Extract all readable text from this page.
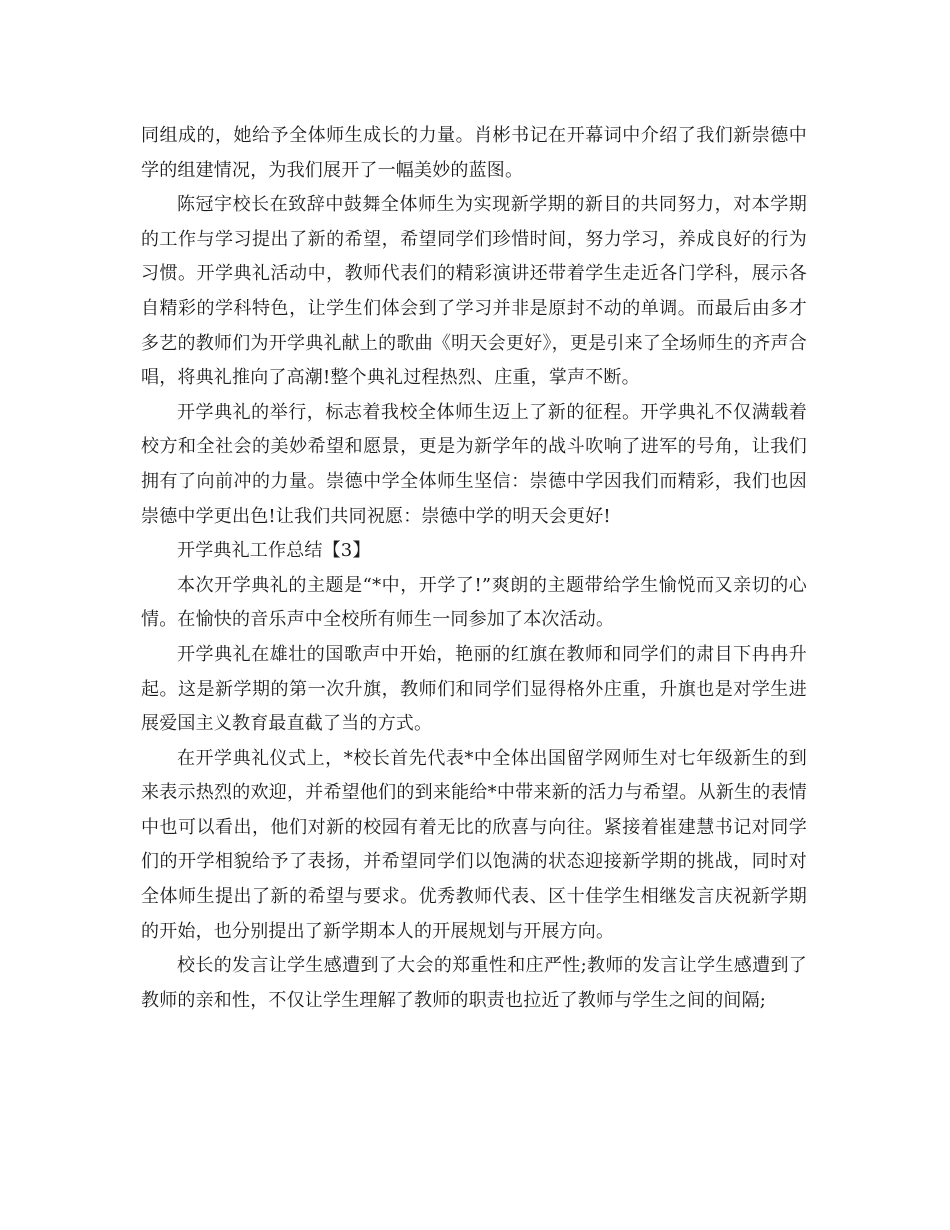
同组成的，她给予全体师生成长的力量。肖彬书记在开幕词中介绍了我们新崇德中学的组建情况，为我们展开了一幅美妙的蓝图。

陈冠宇校长在致辞中鼓舞全体师生为实现新学期的新目的共同努力，对本学期的工作与学习提出了新的希望，希望同学们珍惜时间，努力学习，养成良好的行为习惯。开学典礼活动中，教师代表们的精彩演讲还带着学生走近各门学科，展示各自精彩的学科特色，让学生们体会到了学习并非是原封不动的单调。而最后由多才多艺的教师们为开学典礼献上的歌曲《明天会更好》，更是引来了全场师生的齐声合唱，将典礼推向了高潮!整个典礼过程热烈、庄重，掌声不断。

开学典礼的举行，标志着我校全体师生迈上了新的征程。开学典礼不仅满载着校方和全社会的美妙希望和愿景，更是为新学年的战斗吹响了进军的号角，让我们拥有了向前冲的力量。崇德中学全体师生坚信：崇德中学因我们而精彩，我们也因崇德中学更出色!让我们共同祝愿：崇德中学的明天会更好!

开学典礼工作总结【3】

本次开学典礼的主题是“*中，开学了!”爽朗的主题带给学生愉悦而又亲切的心情。在愉快的音乐声中全校所有师生一同参加了本次活动。

开学典礼在雄壮的国歌声中开始，艳丽的红旗在教师和同学们的肃目下冉冉升起。这是新学期的第一次升旗，教师们和同学们显得格外庄重，升旗也是对学生进展爱国主义教育最直截了当的方式。

在开学典礼仪式上，*校长首先代表*中全体出国留学网师生对七年级新生的到来表示热烈的欢迎，并希望他们的到来能给*中带来新的活力与希望。从新生的表情中也可以看出，他们对新的校园有着无比的欣喜与向往。紧接着崔建慧书记对同学们的开学相貌给予了表扬，并希望同学们以饱满的状态迎接新学期的挑战，同时对全体师生提出了新的希望与要求。优秀教师代表、区十佳学生相继发言庆祝新学期的开始，也分别提出了新学期本人的开展规划与开展方向。

校长的发言让学生感遭到了大会的郑重性和庄严性;教师的发言让学生感遭到了教师的亲和性，不仅让学生理解了教师的职责也拉近了教师与学生之间的间隔;
